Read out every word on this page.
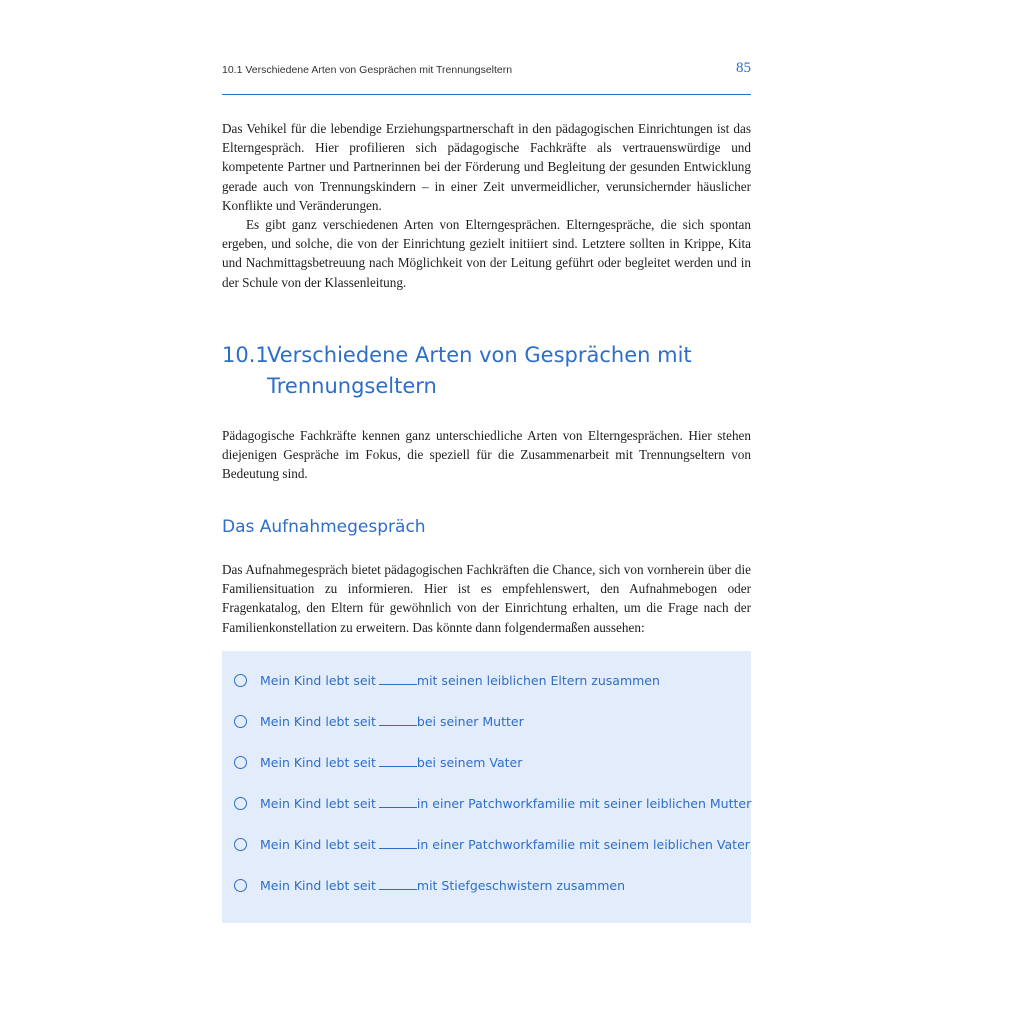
10.1 Verschiedene Arten von Gesprächen mit Trennungseltern	85

Das Vehikel für die lebendige Erziehungspartnerschaft in den pädagogischen Einrichtungen ist das Elterngespräch. Hier profilieren sich pädagogische Fachkräfte als vertrauenswürdige und kompetente Partner und Partnerinnen bei der Förderung und Begleitung der gesunden Entwicklung gerade auch von Trennungskindern – in einer Zeit unvermeidlicher, verunsichernder häuslicher Konflikte und Veränderungen.

Es gibt ganz verschiedenen Arten von Elterngesprächen. Elterngespräche, die sich spontan ergeben, und solche, die von der Einrichtung gezielt initiiert sind. Letztere sollten in Krippe, Kita und Nachmittagsbetreuung nach Möglichkeit von der Leitung geführt oder begleitet werden und in der Schule von der Klassenleitung.

10.1Verschiedene Arten von Gesprächen mit
Trennungseltern

Pädagogische Fachkräfte kennen ganz unterschiedliche Arten von Elterngesprächen. Hier stehen diejenigen Gespräche im Fokus, die speziell für die Zusammenarbeit mit Trennungseltern von Bedeutung sind.

Das Aufnahmegespräch

Das Aufnahmegespräch bietet pädagogischen Fachkräften die Chance, sich von vornherein über die Familiensituation zu informieren. Hier ist es empfehlenswert, den Aufnahmebogen oder Fragenkatalog, den Eltern für gewöhnlich von der Einrichtung erhalten, um die Frage nach der Familienkonstellation zu erweitern. Das könnte dann folgendermaßen aussehen:

Mein Kind lebt seit	mit seinen leiblichen Eltern zusammen
Mein Kind lebt seit	bei seiner Mutter
Mein Kind lebt seit	bei seinem Vater
Mein Kind lebt seit	in einer Patchworkfamilie mit seiner leiblichen Mutter
Mein Kind lebt seit	in einer Patchworkfamilie mit seinem leiblichen Vater
Mein Kind lebt seit	mit Stiefgeschwistern zusammen
